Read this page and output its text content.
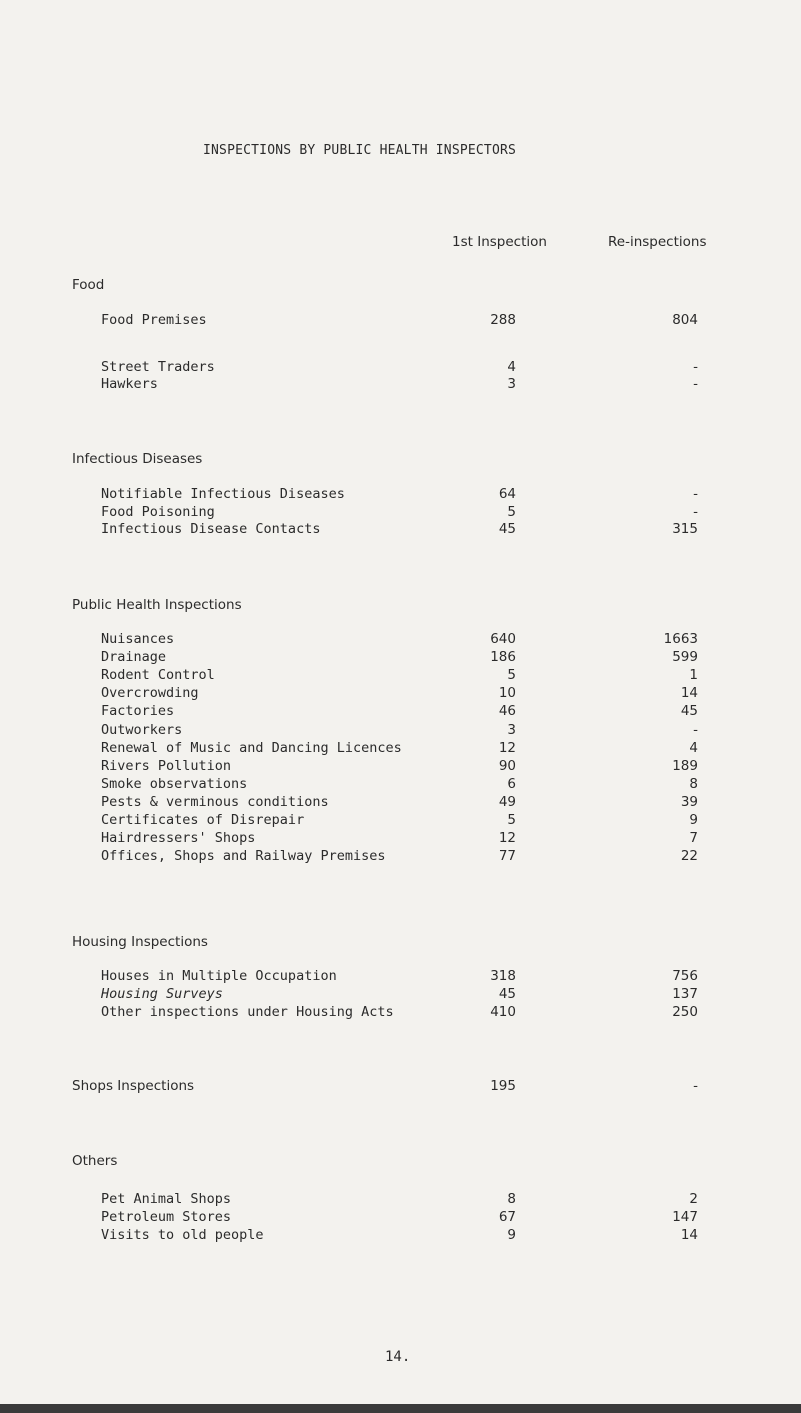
INSPECTIONS BY PUBLIC HEALTH INSPECTORS
1st Inspection	Re-inspections
Food
Food Premises	288	804
Street Traders	4	-
Hawkers	3	-
Infectious Diseases
Notifiable Infectious Diseases	64	-
Food Poisoning	5	-
Infectious Disease Contacts	45	315
Public Health Inspections
Nuisances	640	1663
Drainage	186	599
Rodent Control	5	1
Overcrowding	10	14
Factories	46	45
Outworkers	3	-
Renewal of Music and Dancing Licences	12	4
Rivers Pollution	90	189
Smoke observations	6	8
Pests & verminous conditions	49	39
Certificates of Disrepair	5	9
Hairdressers' Shops	12	7
Offices, Shops and Railway Premises	77	22
Housing Inspections
Houses in Multiple Occupation	318	756
Housing Surveys	45	137
Other inspections under Housing Acts	410	250
Shops Inspections	195	-
Others
Pet Animal Shops	8	2
Petroleum Stores	67	147
Visits to old people	9	14
14.
